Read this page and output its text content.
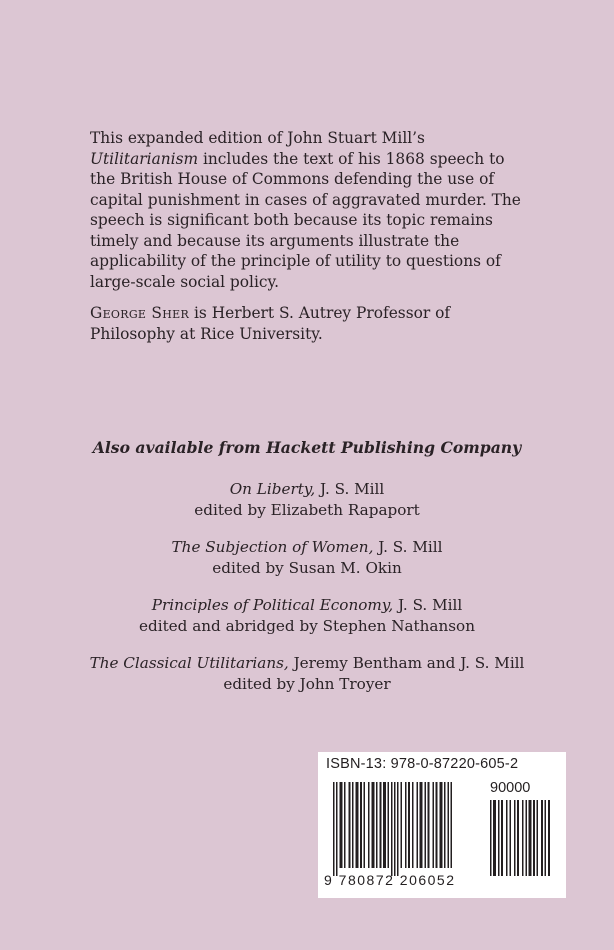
This expanded edition of John Stuart Mill’s Utilitarianism includes the text of his 1868 speech to the British House of Commons defending the use of capital punishment in cases of aggravated murder. The speech is significant both because its topic remains timely and because its arguments illustrate the applicability of the principle of utility to questions of large-scale social policy.

George Sher is Herbert S. Autrey Professor of Philosophy at Rice University.
Also available from Hackett Publishing Company
On Liberty, J. S. Mill
edited by Elizabeth Rapaport
The Subjection of Women, J. S. Mill
edited by Susan M. Okin
Principles of Political Economy, J. S. Mill
edited and abridged by Stephen Nathanson
The Classical Utilitarians, Jeremy Bentham and J. S. Mill
edited by John Troyer
ISBN-13: 978-0-87220-605-2
90000
9 780872 206052
